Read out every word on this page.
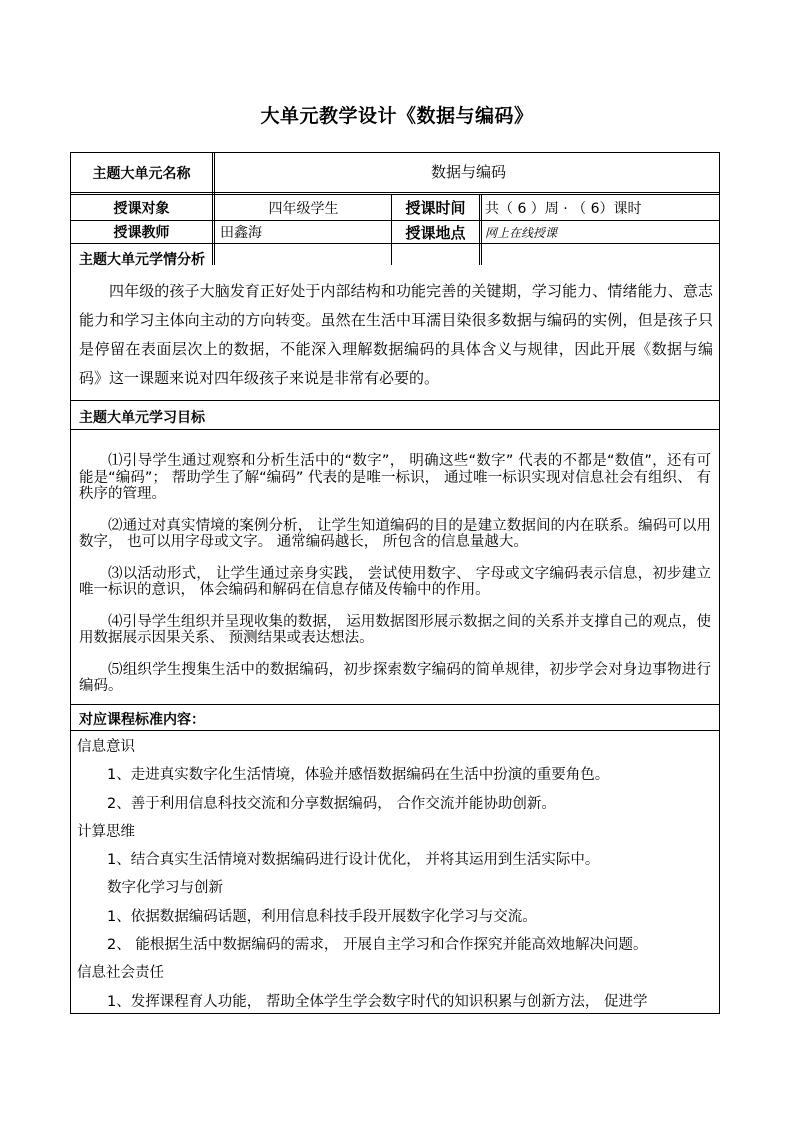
大单元教学设计《数据与编码》
主题大单元名称	数据与编码
授课对象	四年级学生	授课时间	共（ 6 ）周 · （ 6）课时
授课教师	田鑫海	授课地点	网上在线授课
主题大单元学情分析
四年级的孩子大脑发育正好处于内部结构和功能完善的关键期，学习能力、情绪能力、意志能力和学习主体向主动的方向转变。虽然在生活中耳濡目染很多数据与编码的实例，但是孩子只是停留在表面层次上的数据，不能深入理解数据编码的具体含义与规律，因此开展《数据与编码》这一课题来说对四年级孩子来说是非常有必要的。
主题大单元学习目标

⑴引导学生通过观察和分析生活中的“数字”， 明确这些“数字” 代表的不都是“数值”，还有可能是“编码”； 帮助学生了解“编码” 代表的是唯一标识， 通过唯一标识实现对信息社会有组织、 有秩序的管理。

⑵通过对真实情境的案例分析， 让学生知道编码的目的是建立数据间的内在联系。编码可以用数字， 也可以用字母或文字。 通常编码越长， 所包含的信息量越大。

⑶以活动形式， 让学生通过亲身实践， 尝试使用数字、 字母或文字编码表示信息，初步建立唯一标识的意识， 体会编码和解码在信息存储及传输中的作用。

⑷引导学生组织并呈现收集的数据， 运用数据图形展示数据之间的关系并支撑自己的观点，使用数据展示因果关系、 预测结果或表达想法。

⑸组织学生搜集生活中的数据编码，初步探索数字编码的简单规律，初步学会对身边事物进行编码。

对应课程标准内容：
信息意识
1、走进真实数字化生活情境，体验并感悟数据编码在生活中扮演的重要角色。
2、善于利用信息科技交流和分享数据编码， 合作交流并能协助创新。
计算思维
1、结合真实生活情境对数据编码进行设计优化， 并将其运用到生活实际中。
数字化学习与创新
1、依据数据编码话题，利用信息科技手段开展数字化学习与交流。
2、 能根据生活中数据编码的需求， 开展自主学习和合作探究并能高效地解决问题。
信息社会责任
1、发挥课程育人功能， 帮助全体学生学会数字时代的知识积累与创新方法， 促进学
